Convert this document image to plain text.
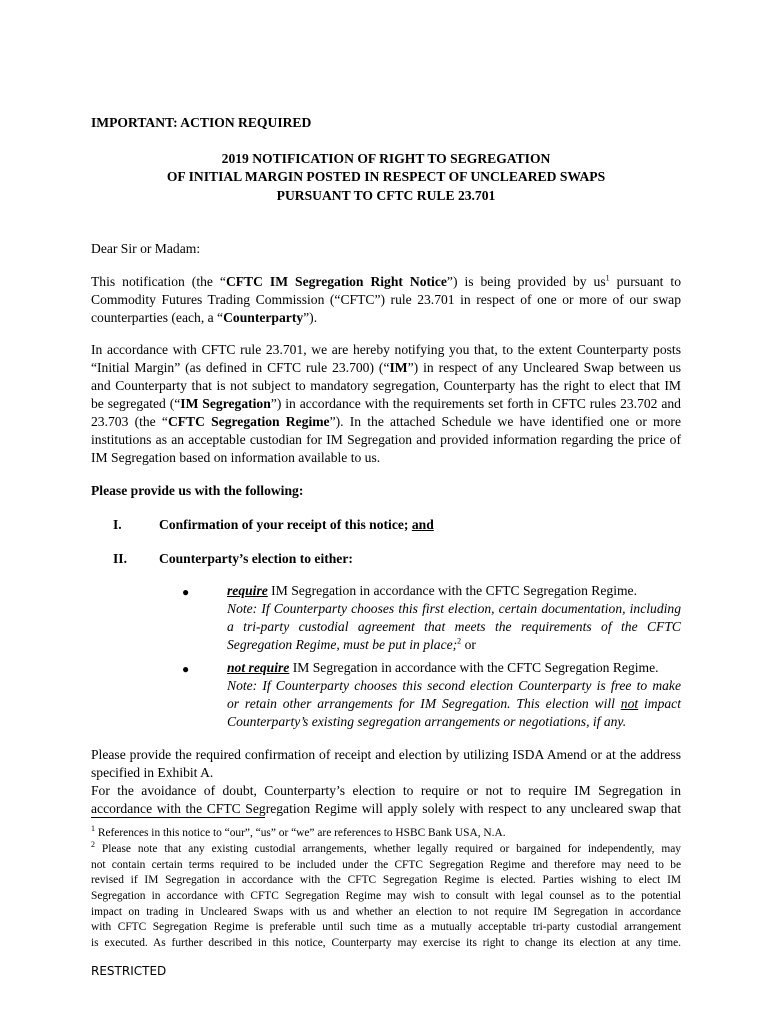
IMPORTANT: ACTION REQUIRED
2019 NOTIFICATION OF RIGHT TO SEGREGATION
OF INITIAL MARGIN POSTED IN RESPECT OF UNCLEARED SWAPS
PURSUANT TO CFTC RULE 23.701
Dear Sir or Madam:
This notification (the “CFTC IM Segregation Right Notice”) is being provided by $us^1$ pursuant to
Commodity Futures Trading Commission (“CFTC”) rule 23.701 in respect of one or more of our swap
counterparties (each, a “Counterparty”).
In accordance with CFTC rule 23.701, we are hereby notifying you that, to the extent Counterparty posts
“Initial Margin” (as defined in CFTC rule 23.700) (“IM”) in respect of any Uncleared Swap between us
and Counterparty that is not subject to mandatory segregation, Counterparty has the right to elect that IM
be segregated (“IM Segregation”) in accordance with the requirements set forth in CFTC rules 23.702 and
23.703 (the “CFTC Segregation Regime”). In the attached Schedule we have identified one or more
institutions as an acceptable custodian for IM Segregation and provided information regarding the price of
IM Segregation based on information available to us.
Please provide us with the following:
I.	Confirmation of your receipt of this notice; and
II. Counterparty’s election to either:
●	require IM Segregation in accordance with the CFTC Segregation Regime.
Note: If Counterparty chooses this first election, certain documentation, including
a tri-party custodial agreement that meets the requirements of the CFTC
Segregation Regime, must be put in place;$^2$ or
●	not require IM Segregation in accordance with the CFTC Segregation Regime.
Note: If Counterparty chooses this second election Counterparty is free to make
or retain other arrangements for IM Segregation. This election will not impact
Counterparty’s existing segregation arrangements or negotiations, if any.
Please provide the required confirmation of receipt and election by utilizing ISDA Amend or at the address
specified in Exhibit A.
For the avoidance of doubt, Counterparty’s election to require or not to require IM Segregation in
accordance with the CFTC Segregation Regime will apply solely with respect to any uncleared swap that
$^1$ References in this notice to “our”, “us” or “we” are references to HSBC Bank USA, N.A.
$^2$ Please note that any existing custodial arrangements, whether legally required or bargained for independently, may
not contain certain terms required to be included under the CFTC Segregation Regime and therefore may need to be
revised if IM Segregation in accordance with the CFTC Segregation Regime is elected. Parties wishing to elect IM
Segregation in accordance with CFTC Segregation Regime may wish to consult with legal counsel as to the potential
impact on trading in Uncleared Swaps with us and whether an election to not require IM Segregation in accordance
with CFTC Segregation Regime is preferable until such time as a mutually acceptable tri-party custodial arrangement
is executed. As further described in this notice, Counterparty may exercise its right to change its election at any time.
RESTRICTED
